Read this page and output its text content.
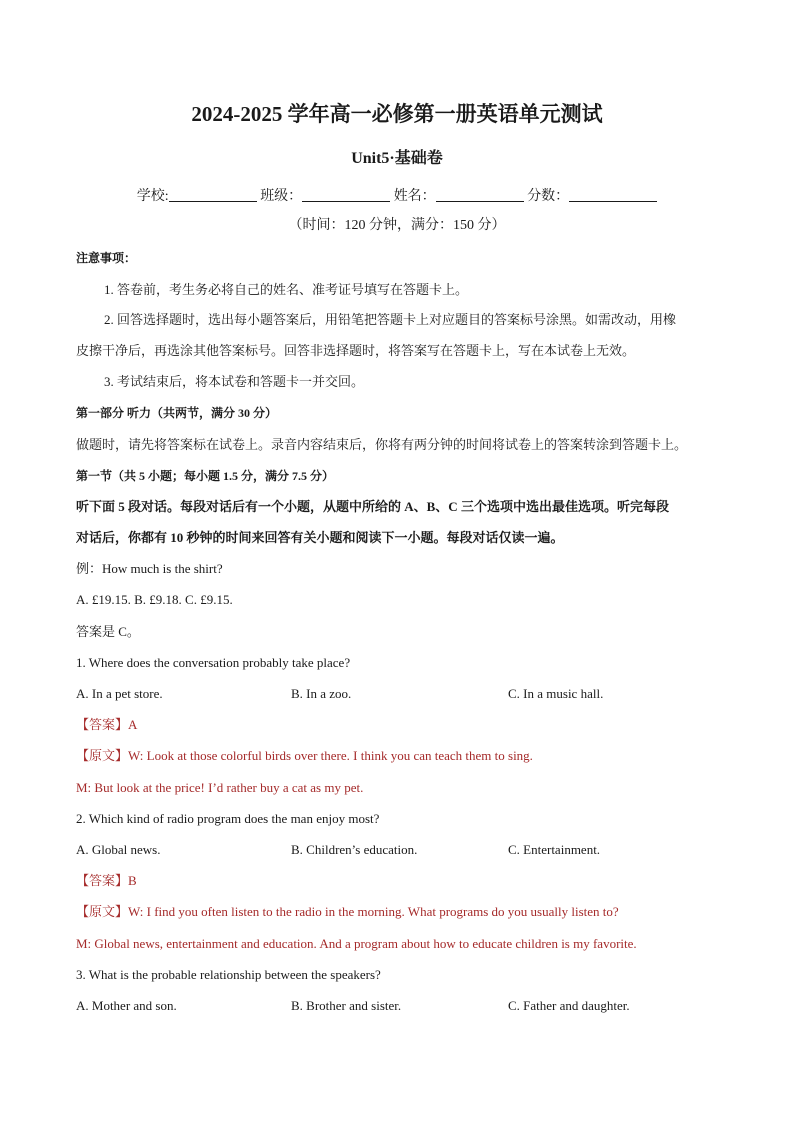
2024-2025 学年高一必修第一册英语单元测试
Unit5·基础卷
学校:	班级：	姓名：	分数：
（时间：120 分钟，满分：150 分）
注意事项：
1. 答卷前，考生务必将自己的姓名、准考证号填写在答题卡上。
2. 回答选择题时，选出每小题答案后，用铅笔把答题卡上对应题目的答案标号涂黑。如需改动，用橡
皮擦干净后，再选涂其他答案标号。回答非选择题时，将答案写在答题卡上，写在本试卷上无效。
3. 考试结束后，将本试卷和答题卡一并交回。
第一部分 听力（共两节，满分 30 分）
做题时，请先将答案标在试卷上。录音内容结束后，你将有两分钟的时间将试卷上的答案转涂到答题卡上。
第一节（共 5 小题；每小题 1.5 分，满分 7.5 分）
听下面 5 段对话。每段对话后有一个小题，从题中所给的 A、B、C 三个选项中选出最佳选项。听完每段
对话后，你都有 10 秒钟的时间来回答有关小题和阅读下一小题。每段对话仅读一遍。
例：How much is the shirt?
A. £19.15. B. £9.18. C. £9.15.
答案是 C。
1. Where does the conversation probably take place?
A. In a pet store.	B. In a zoo.	C. In a music hall.
【答案】A
【原文】W: Look at those colorful birds over there. I think you can teach them to sing.
M: But look at the price! I’d rather buy a cat as my pet.
2. Which kind of radio program does the man enjoy most?
A. Global news.	B. Children’s education.	C. Entertainment.
【答案】B
【原文】W: I find you often listen to the radio in the morning. What programs do you usually listen to?
M: Global news, entertainment and education. And a program about how to educate children is my favorite.
3. What is the probable relationship between the speakers?
A. Mother and son.	B. Brother and sister.	C. Father and daughter.
